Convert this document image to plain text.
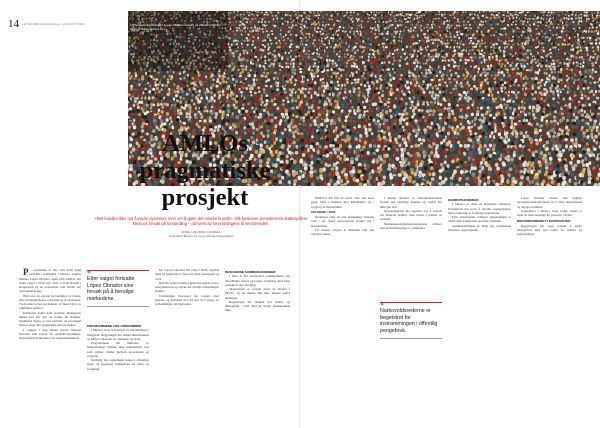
14 LE MONDE diplomatique • AUGUST 2021	«Tilhengere av president López Obrador samles på Zócalo i Mexico by for å markere hans sier.»
FOTO: AP / NTB
AMLOs
pragmatiske
prosjekt
«Det handler ikke om å endre systemet, men om å gjøre det mindre brutalt». Slik beskriver presidentens støttespillere Mexicos forsøk på forvandling – på tvers av forventningene til venstresiden.
ANNE HOUDRE CORREA
Journalist i Mexico by og Le Monde diplomatique

Presidenten er mer enn noen gang sentrum i politikken i Mexico. Andrés Manuel López Obrador, kjent som AMLO, har siden valget i 2018 styrt med et solid flertall i kongressen og en popularitet som holder seg overraskende høy.

Han lovet en «fjerde forvandling» av landet, etter uavhengigheten, reformen og revolusjonen. Tre år etter at han tok makten, er likevel mye av samfunnet uendret.

Kritikerne kaller ham populist; tilhengerne mener han har gitt de fattige en stemme. Sannheten ligger et sted mellom, og prosjektet hans er langt mer pragmatisk enn retorikken.

I valgene i juni mistet partiet Morena flertallet som kreves for grunnlovsendringer, men beholdt kontrollen over deputertkammeret.

«
Etter valget fortsatte López Obrador sine forsøk på å beroilge markedene.
PROGRAMMENE FOR UNGDOMMEN

I Mexico lever halvparten av befolkningen i fattigdom. Regjeringen har doblet minstelønnen og innført stipender for studenter og eldre.

Programmene når millioner av husholdninger direkte, uten mellomledd, noe som styrker båndet mellom presidenten og velgerne.

Samtidig har regjeringen kuttet i offentlige etater og begrenset budsjettene for helse og forskning.

De Lópezs Obrador ble valgt i 2018, skjedde dette på bakgrunn av flere tiår med korrupsjon og vold.

Han har siden forsøkt å gjenreise statens rolle i energisektoren og styrke det statlige oljeselskapet Pemex.

Utenlandske investorer har reagert med skepsis, og forholdet til USA har vært preget av forhandlinger om migrasjon.

BESKJEDNE SAMMENLIKNINGER

I flere år har presidenten sammenliknet seg med Benito Juárez og Lázaro Cárdenas, men hans politikk er mer forsiktig.

Skattenivået er fortsatt blant de laveste i OECD, og de rikeste har ikke merket større endringer.

Regjeringen har unngått nye skatter og låneopptak, i tråd med en streng finanspolitisk linje.

Militæret har fått en større rolle enn noen gang, både i kampen mot kriminalitet og i bygging av infrastruktur.

VALGENE I JUNI

Resultatet viste en delt befolkning: Morena vant i sør, mens opposisjonen styrket seg i hovedstaden.

For mange velgere er sikkerhet blitt den viktigste saken.

«
Narkovoldsrederne er begeistret for instrammingen i offentlig pengebruk.

I mange delstater er narkotikakartellene fortsatt den egentlige makten, og volden har ikke gått ned.

Nasjonalgarden ble opprettet for å erstatte det føderale politiet, men består i praksis av soldater.

Menneskerettighetsorganisasjoner advarer mot en militarisering av samfunnet.

KORRUPSJONSRÅD

I Mexico er dette en beskjeden ambisjon. Presidenten har lovet å utrydde korrupsjonen, men resultatene er foreløpig begrensede.

Flere høytstående tidligere tjenestemenn er tiltalt, men domstolene arbeider langsomt.

Sammenstillingen av makt hos presidenten bekymrer opposisjonen.

López Obrador bruker sine daglige morgenpressekonferanser til å sette dagsordenen og angripe kritikere.

Journalister i Mexico lever farlig; landet er blant de mest dødelige for pressen i verden.

REFORMARBEIDET I KONTRAKTER

Regjeringen har også forsøkt å endre arbeidslivet med nye regler for innleie og fagforeninger.
